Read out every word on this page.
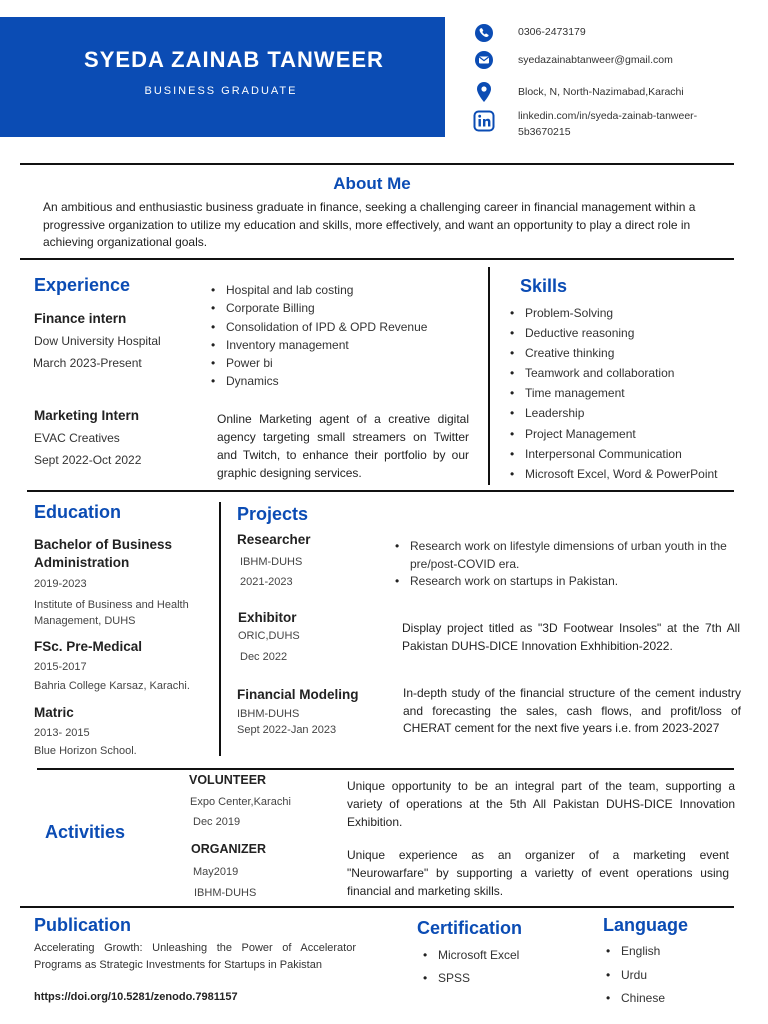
SYEDA ZAINAB TANWEER
BUSINESS GRADUATE
0306-2473179
syedazainabtanweer@gmail.com
Block, N, North-Nazimabad,Karachi
linkedin.com/in/syeda-zainab-tanweer-
5b3670215
About Me
An ambitious and enthusiastic business graduate in finance, seeking a challenging career in financial management within a progressive organization to utilize my education and skills, more effectively, and want an opportunity to play a direct role in achieving organizational goals.
Experience
Finance intern
Dow University Hospital
March 2023-Present
• Hospital and lab costing
• Corporate Billing
• Consolidation of IPD & OPD Revenue
• Inventory management
• Power bi
• Dynamics
Marketing Intern
EVAC Creatives
Sept 2022-Oct 2022
Online Marketing agent of a creative digital agency targeting small streamers on Twitter and Twitch, to enhance their portfolio by our graphic designing services.
Skills
• Problem-Solving
• Deductive reasoning
• Creative thinking
• Teamwork and collaboration
• Time management
• Leadership
• Project Management
• Interpersonal Communication
• Microsoft Excel, Word & PowerPoint
Education
Bachelor of Business Administration
2019-2023
Institute of Business and Health Management, DUHS
FSc. Pre-Medical
2015-2017
Bahria College Karsaz, Karachi.
Matric
2013- 2015
Blue Horizon School.
Projects
Researcher
IBHM-DUHS
2021-2023
• Research work on lifestyle dimensions of urban youth in the pre/post-COVID era.
• Research work on startups in Pakistan.
Exhibitor
ORIC,DUHS
Dec 2022
Display project titled as "3D Footwear Insoles" at the 7th All Pakistan DUHS-DICE Innovation Exhhibition-2022.
Financial Modeling
IBHM-DUHS
Sept 2022-Jan 2023
In-depth study of the financial structure of the cement industry and forecasting the sales, cash flows, and profit/loss of CHERAT cement for the next five years i.e. from 2023-2027
Activities
VOLUNTEER
Expo Center,Karachi
Dec 2019
Unique opportunity to be an integral part of the team, supporting a variety of operations at the 5th All Pakistan DUHS-DICE Innovation Exhibition.
ORGANIZER
May2019
IBHM-DUHS
Unique experience as an organizer of a marketing event "Neurowarfare" by supporting a varietty of event operations using financial and marketing skills.
Publication
Accelerating Growth: Unleashing the Power of Accelerator Programs as Strategic Investments for Startups in Pakistan
https://doi.org/10.5281/zenodo.7981157
Certification
• Microsoft Excel
• SPSS
Language
• English
• Urdu
• Chinese
